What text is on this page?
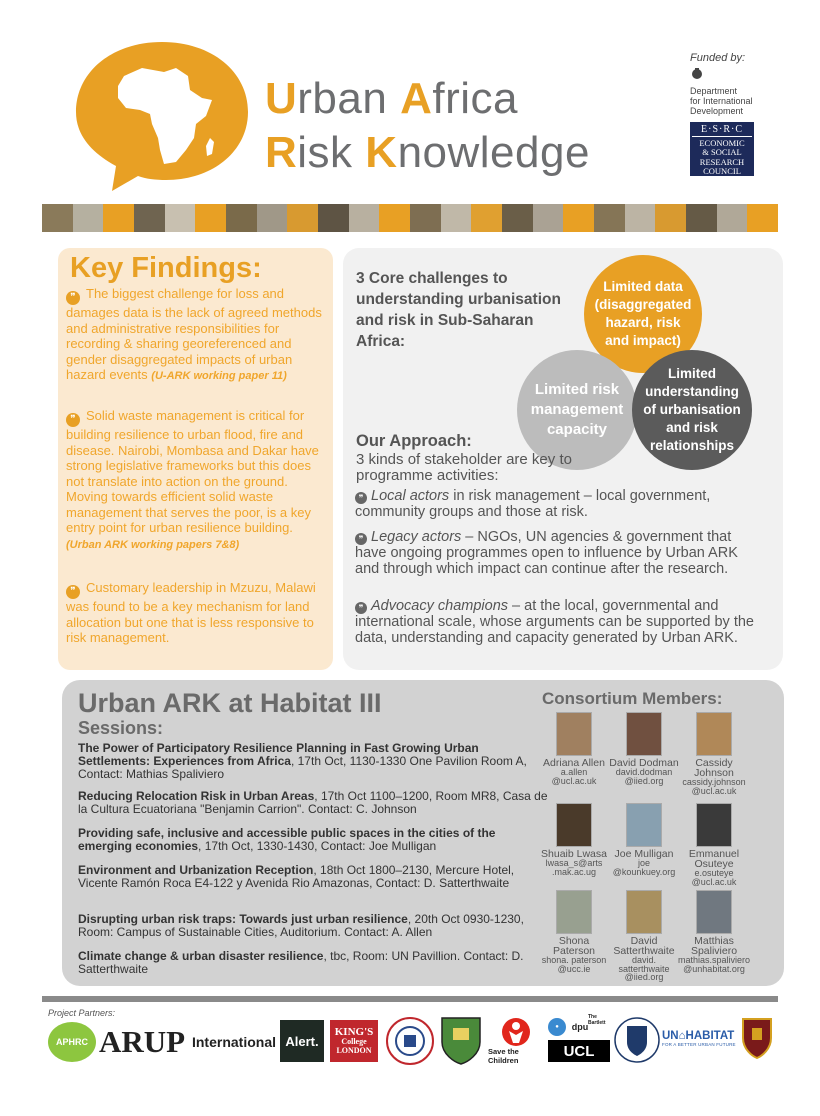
Urban Africa
Risk Knowledge
Funded by:
Department
for International
Development
E·S·R·C
ECONOMIC
& SOCIAL
RESEARCH
COUNCIL
Key Findings:
❞ The biggest challenge for loss and damages data is the lack of agreed methods and administrative responsibilities for recording & sharing georeferenced and gender disaggregated impacts of urban hazard events (U-ARK working paper 11)
❞ Solid waste management is critical for building resilience to urban flood, fire and disease. Nairobi, Mombasa and Dakar have strong legislative frameworks but this does not translate into action on the ground. Moving towards efficient solid waste management that serves the poor, is a key entry point for urban resilience building. (Urban ARK working papers 7&8)
❞ Customary leadership in Mzuzu, Malawi was found to be a key mechanism for land allocation but one that is less responsive to risk management.
3 Core challenges to understanding urbanisation and risk in Sub-Saharan Africa:
Limited data (disaggregated hazard, risk and impact)
Limited risk management capacity
Limited understanding of urbanisation and risk relationships
Our Approach:
3 kinds of stakeholder are key to programme activities:
❞ Local actors in risk management – local government, community groups and those at risk.
❞ Legacy actors – NGOs, UN agencies & government that have ongoing programmes open to influence by Urban ARK and through which impact can continue after the research.
❞ Advocacy champions – at the local, governmental and international scale, whose arguments can be supported by the data, understanding and capacity generated by Urban ARK.
Urban ARK at Habitat III
Sessions:
The Power of Participatory Resilience Planning in Fast Growing Urban Settlements: Experiences from Africa, 17th Oct, 1130-1330 One Pavilion Room A, Contact: Mathias Spaliviero
Reducing Relocation Risk in Urban Areas, 17th Oct 1100–1200, Room MR8, Casa de la Cultura Ecuatoriana "Benjamin Carrion". Contact: C. Johnson
Providing safe, inclusive and accessible public spaces in the cities of the emerging economies, 17th Oct, 1330-1430, Contact: Joe Mulligan
Environment and Urbanization Reception, 18th Oct 1800–2130, Mercure Hotel, Vicente Ramón Roca E4-122 y Avenida Rio Amazonas, Contact: D. Satterthwaite
Disrupting urban risk traps: Towards just urban resilience, 20th Oct 0930-1230, Room: Campus of Sustainable Cities, Auditorium. Contact: A. Allen
Climate change & urban disaster resilience, tbc, Room: UN Pavillion. Contact: D. Satterthwaite
Consortium Members:
Adriana Allen
a.allen @ucl.ac.uk
David Dodman
david.dodman @iied.org
Cassidy Johnson
cassidy.johnson @ucl.ac.uk
Shuaib Lwasa
lwasa_s@arts .mak.ac.ug
Joe Mulligan
joe @kounkuey.org
Emmanuel Osuteye
e.osuteye @ucl.ac.uk
Shona Paterson
shona. paterson @ucc.ie
David Satterthwaite
david. satterthwaite @iied.org
Matthias Spaliviero
mathias.spaliviero @unhabitat.org
Project Partners:
APHRC ARUP International Alert.
KING'S
College
LONDON	Save the Children
●	dpu
The Bartlett
UCL
UN⌂HABITAT
FOR A BETTER URBAN FUTURE
